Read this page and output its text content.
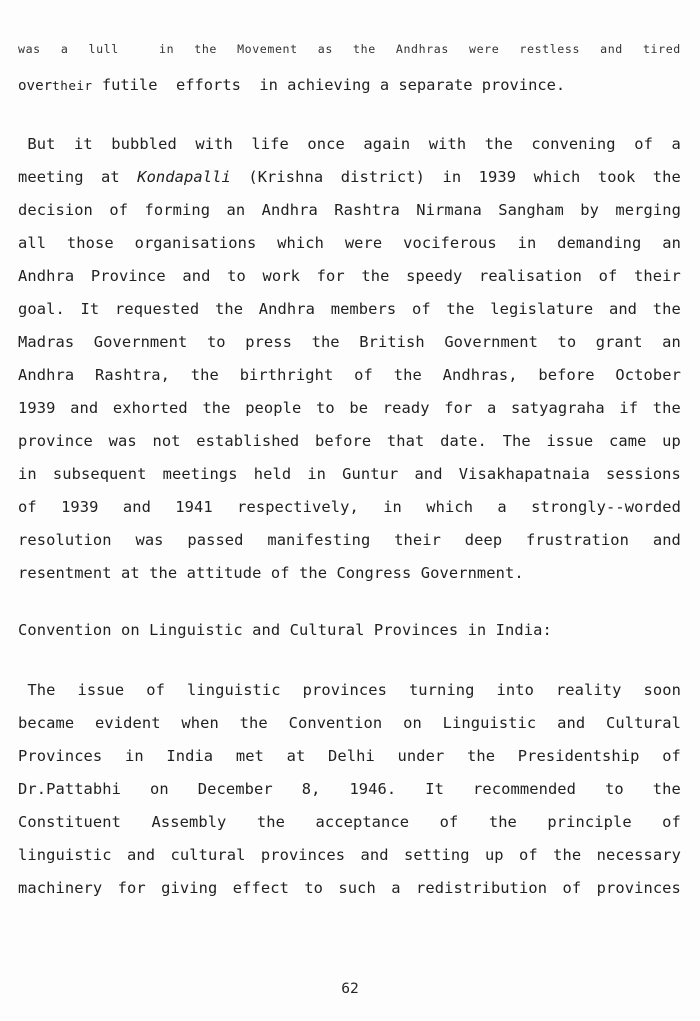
was a lull	in the Movement as the Andhras were restless and tired
overtheir futile  efforts  in achieving a separate province.
But it bubbled with life once again with the convening of a
meeting at Kondapalli (Krishna district) in 1939 which took the
decision of forming an Andhra Rashtra Nirmana Sangham by merging
all those organisations which were vociferous in demanding an
Andhra Province and to work for the speedy realisation of their
goal. It requested the Andhra members of the legislature and the
Madras Government to press the British Government to grant an
Andhra Rashtra, the birthright of the Andhras, before October
1939 and exhorted the people to be ready for a satyagraha if the
province was not established before that date. The issue came up
in subsequent meetings held in Guntur and Visakhapatnaia sessions
of 1939 and 1941 respectively, in which a strongly--worded
resolution was passed manifesting their deep frustration and
resentment at the attitude of the Congress Government.
Convention on Linguistic and Cultural Provinces in India:
The issue of linguistic provinces turning into reality soon
became evident when the Convention on Linguistic and Cultural
Provinces in India met at Delhi under the Presidentship of
Dr.Pattabhi on December 8, 1946. It recommended to the
Constituent Assembly the acceptance of the principle of
linguistic and cultural provinces and setting up of the necessary
machinery for giving effect to such a redistribution of provinces
62
